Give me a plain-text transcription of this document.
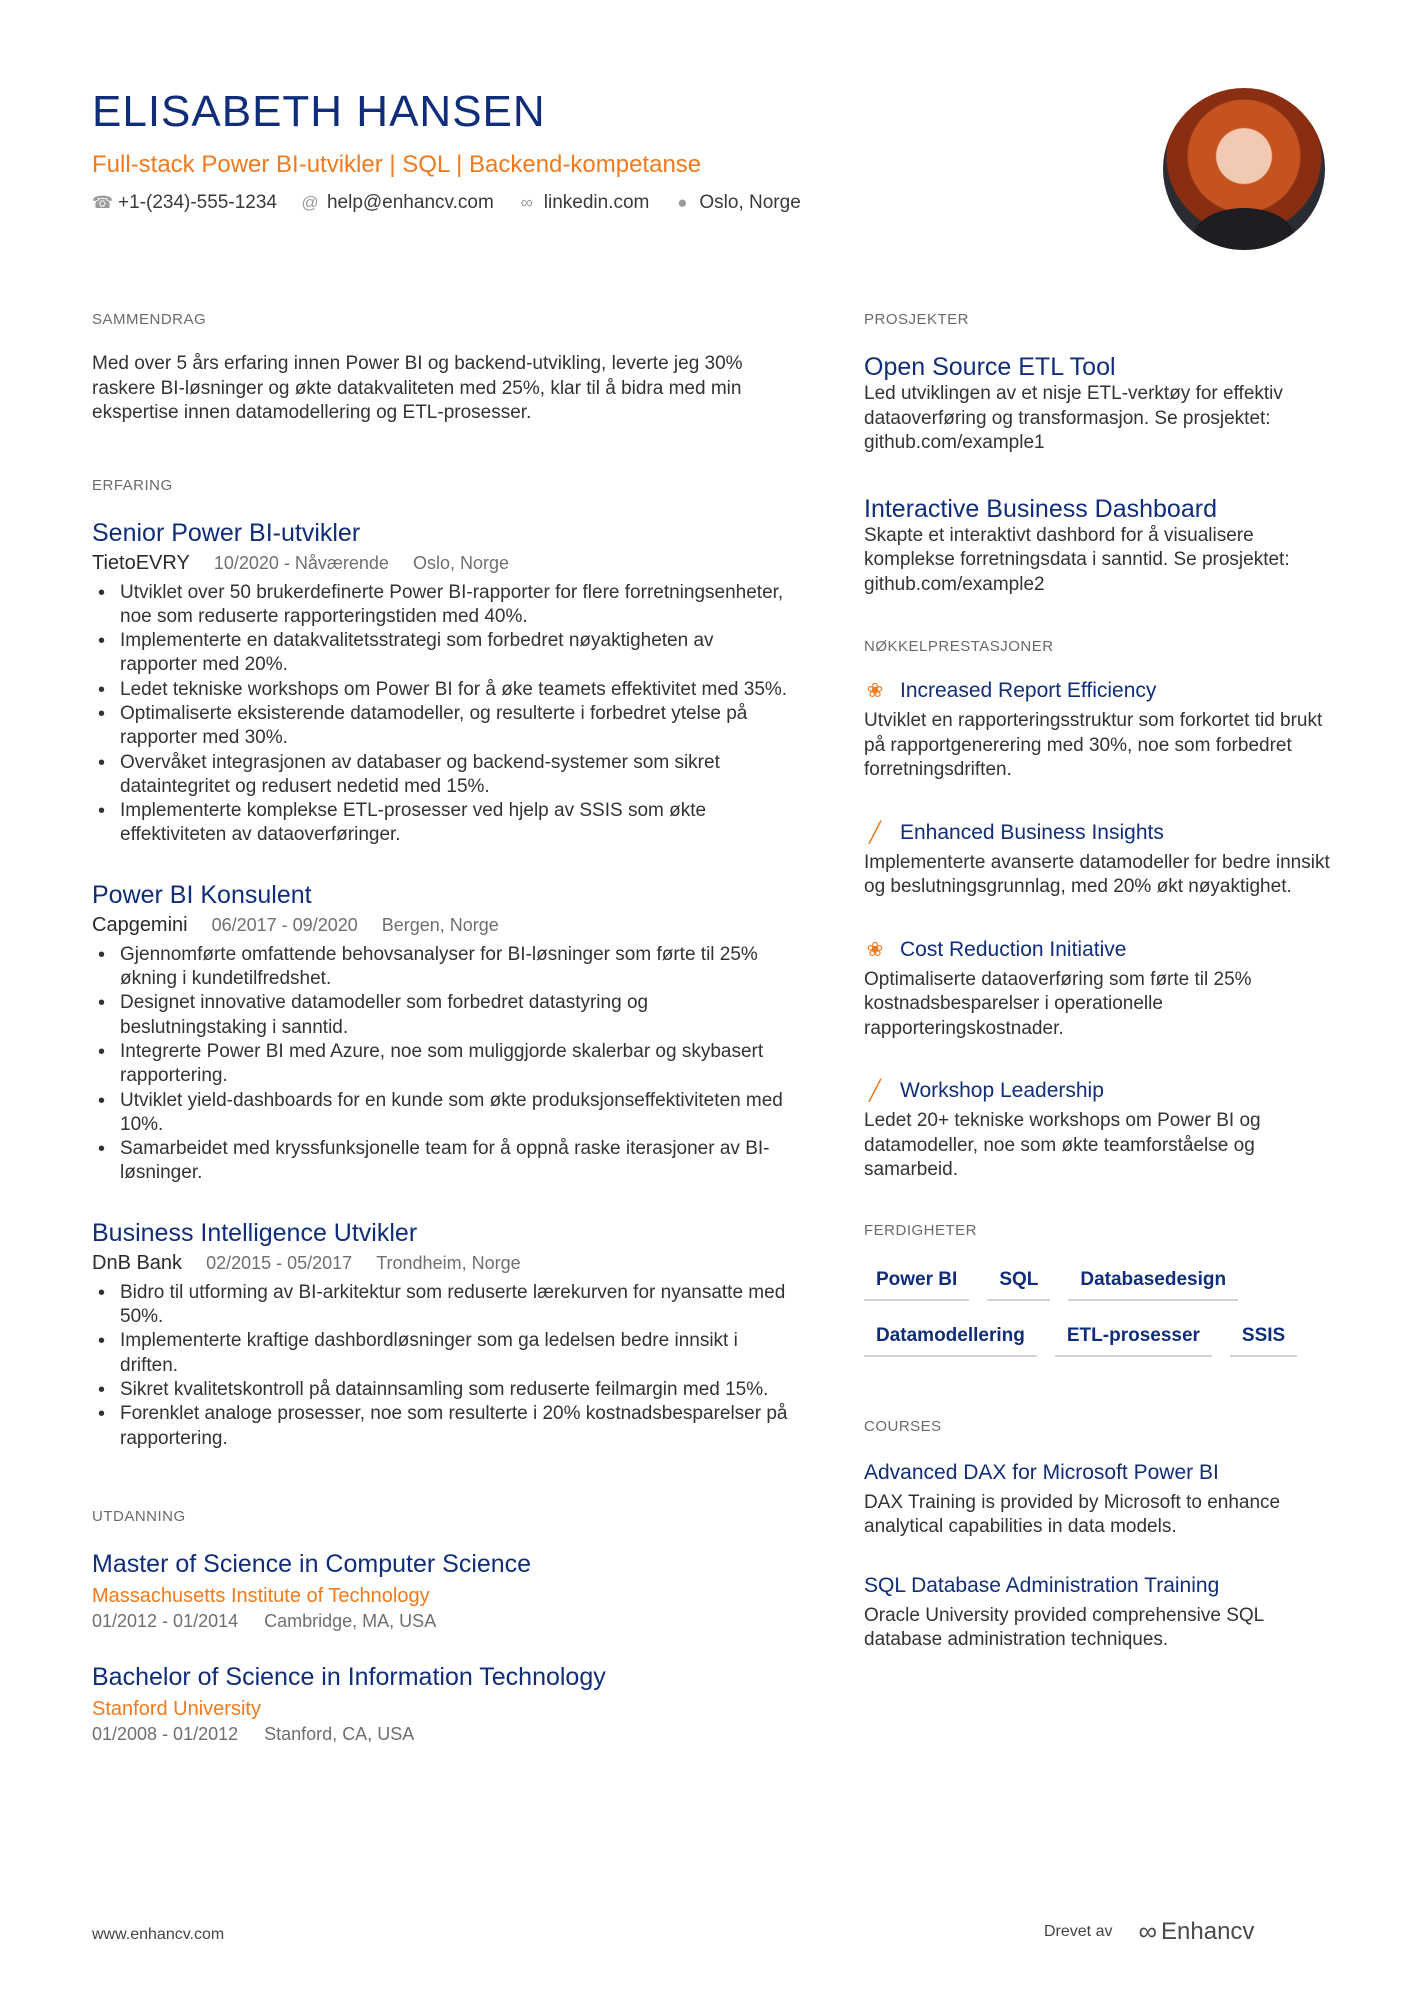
ELISABETH HANSEN
Full-stack Power BI-utvikler | SQL | Backend-kompetanse
☎ +1-(234)-555-1234 @ help@enhancv.com ∞ linkedin.com ● Oslo, Norge
SAMMENDRAG
Med over 5 års erfaring innen Power BI og backend-utvikling, leverte jeg 30% raskere BI-løsninger og økte datakvaliteten med 25%, klar til å bidra med min ekspertise innen datamodellering og ETL-prosesser.
ERFARING
Senior Power BI-utvikler
TietoEVRY 10/2020 - Nåværende Oslo, Norge
• Utviklet over 50 brukerdefinerte Power BI-rapporter for flere forretningsenheter, noe som reduserte rapporteringstiden med 40%.
• Implementerte en datakvalitetsstrategi som forbedret nøyaktigheten av rapporter med 20%.
• Ledet tekniske workshops om Power BI for å øke teamets effektivitet med 35%.
• Optimaliserte eksisterende datamodeller, og resulterte i forbedret ytelse på rapporter med 30%.
• Overvåket integrasjonen av databaser og backend-systemer som sikret dataintegritet og redusert nedetid med 15%.
• Implementerte komplekse ETL-prosesser ved hjelp av SSIS som økte effektiviteten av dataoverføringer.
Power BI Konsulent
Capgemini 06/2017 - 09/2020 Bergen, Norge
• Gjennomførte omfattende behovsanalyser for BI-løsninger som førte til 25% økning i kundetilfredshet.
• Designet innovative datamodeller som forbedret datastyring og beslutningstaking i sanntid.
• Integrerte Power BI med Azure, noe som muliggjorde skalerbar og skybasert rapportering.
• Utviklet yield-dashboards for en kunde som økte produksjonseffektiviteten med 10%.
• Samarbeidet med kryssfunksjonelle team for å oppnå raske iterasjoner av BI-løsninger.
Business Intelligence Utvikler
DnB Bank 02/2015 - 05/2017 Trondheim, Norge
• Bidro til utforming av BI-arkitektur som reduserte lærekurven for nyansatte med 50%.
• Implementerte kraftige dashbordløsninger som ga ledelsen bedre innsikt i driften.
• Sikret kvalitetskontroll på datainnsamling som reduserte feilmargin med 15%.
• Forenklet analoge prosesser, noe som resulterte i 20% kostnadsbesparelser på rapportering.
UTDANNING
Master of Science in Computer Science
Massachusetts Institute of Technology
01/2012 - 01/2014 Cambridge, MA, USA
Bachelor of Science in Information Technology
Stanford University
01/2008 - 01/2012 Stanford, CA, USA
PROSJEKTER
Open Source ETL Tool
Led utviklingen av et nisje ETL-verktøy for effektiv dataoverføring og transformasjon. Se prosjektet: github.com/example1
Interactive Business Dashboard
Skapte et interaktivt dashbord for å visualisere komplekse forretningsdata i sanntid. Se prosjektet: github.com/example2
NØKKELPRESTASJONER
❀ Increased Report Efficiency
Utviklet en rapporteringsstruktur som forkortet tid brukt på rapportgenerering med 30%, noe som forbedret forretningsdriften.
╱ Enhanced Business Insights
Implementerte avanserte datamodeller for bedre innsikt og beslutningsgrunnlag, med 20% økt nøyaktighet.
❀ Cost Reduction Initiative
Optimaliserte dataoverføring som førte til 25% kostnadsbesparelser i operationelle rapporteringskostnader.
╱ Workshop Leadership
Ledet 20+ tekniske workshops om Power BI og datamodeller, noe som økte teamforståelse og samarbeid.
FERDIGHETER
Power BI	SQL	Databasedesign
Datamodellering	ETL-prosesser	SSIS
COURSES
Advanced DAX for Microsoft Power BI
DAX Training is provided by Microsoft to enhance analytical capabilities in data models.
SQL Database Administration Training
Oracle University provided comprehensive SQL database administration techniques.
www.enhancv.com	Drevet av ∞ Enhancv
